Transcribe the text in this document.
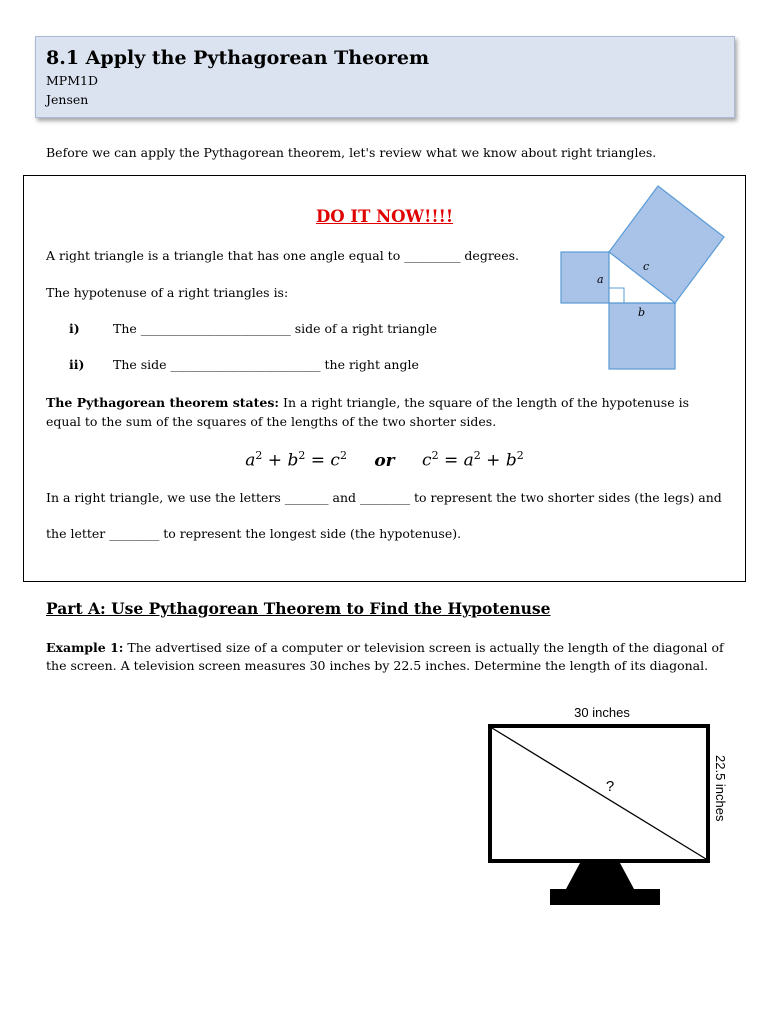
8.1 Apply the Pythagorean Theorem
MPM1D
Jensen
Before we can apply the Pythagorean theorem, let's review what we know about right triangles.
DO IT NOW!!!!
a
c
b
A right triangle is a triangle that has one angle equal to _________ degrees.
The hypotenuse of a right triangles is:
i)	The ________________________ side of a right triangle
ii) The side ________________________ the right angle
The Pythagorean theorem states: In a right triangle, the square of the length of the hypotenuse is equal to the sum of the squares of the lengths of the two shorter sides.
$a^2 + b^2 = c^2$ or $c^2 = a^2 + b^2$
In a right triangle, we use the letters _______ and ________ to represent the two shorter sides (the legs) and
the letter ________ to represent the longest side (the hypotenuse).
Part A: Use Pythagorean Theorem to Find the Hypotenuse
Example 1: The advertised size of a computer or television screen is actually the length of the diagonal of the screen. A television screen measures 30 inches by 22.5 inches. Determine the length of its diagonal.
30 inches
?	22.5 inches
